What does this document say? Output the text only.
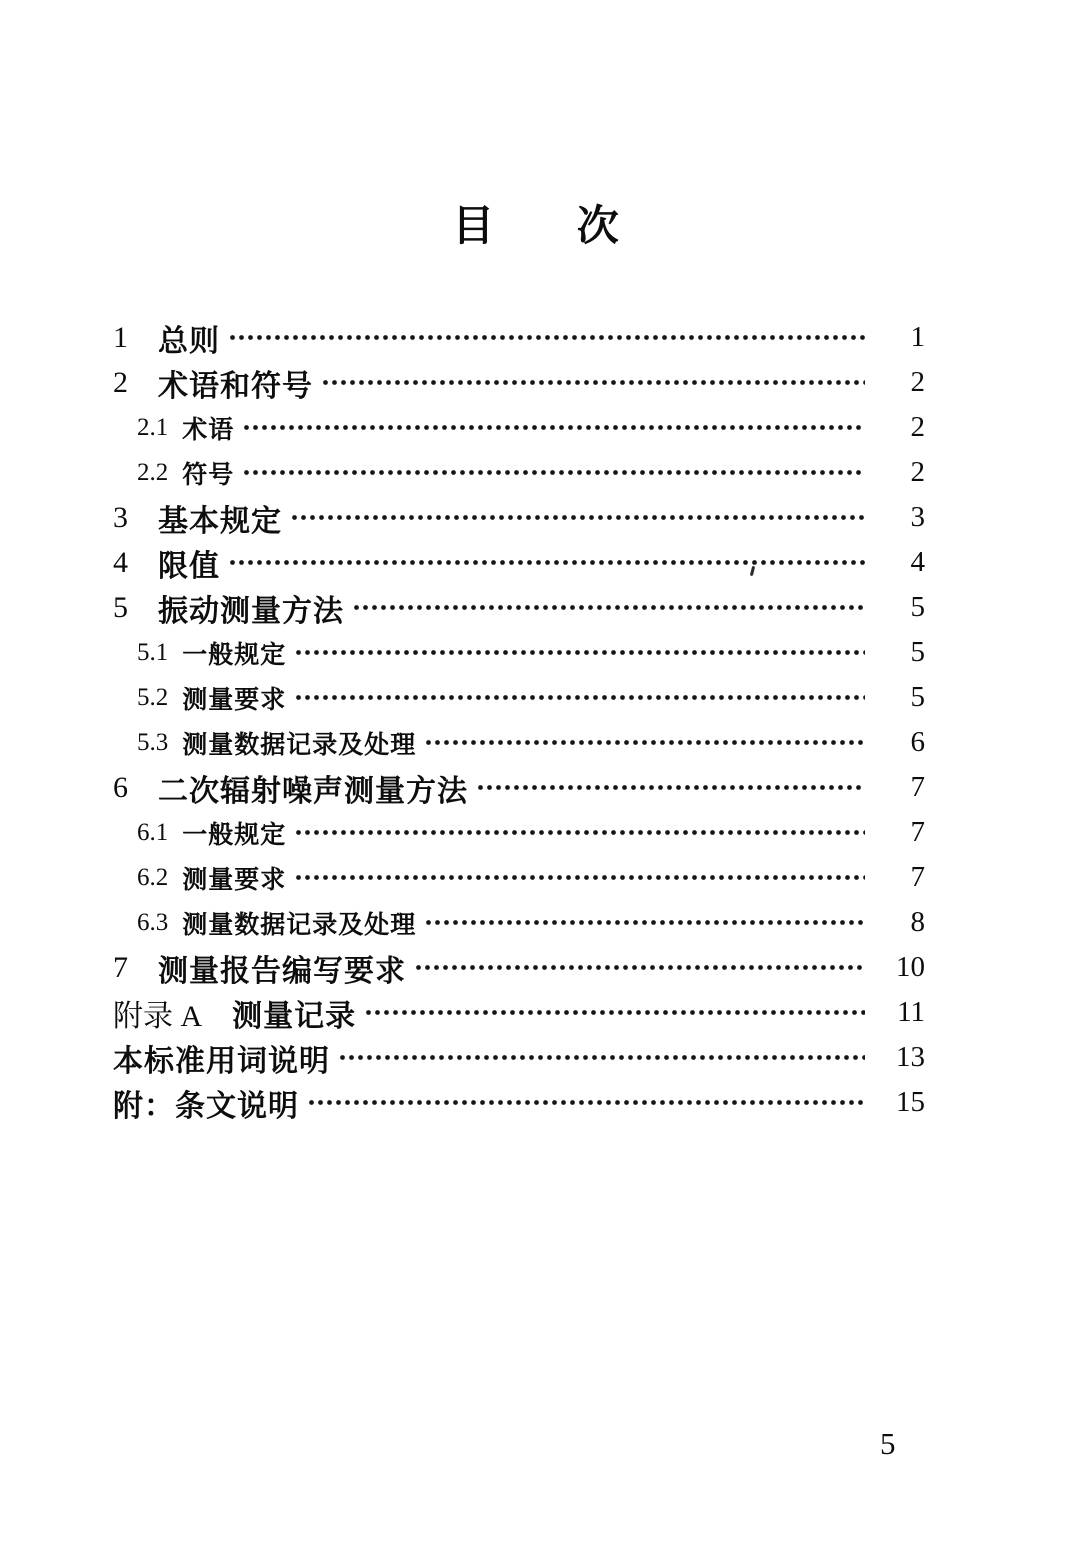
目 次
1 总则	1
2 术语和符号	2
2.1 术语	2
2.2 符号	2
3 基本规定	3
4 限值	4
5 振动测量方法	5
5.1 一般规定	5
5.2 测量要求	5
5.3 测量数据记录及处理	6
6 二次辐射噪声测量方法	7
6.1 一般规定	7
6.2 测量要求	7
6.3 测量数据记录及处理	8
7 测量报告编写要求	10
附录 A 测量记录	11
本标准用词说明	13
附：条文说明	15
5
